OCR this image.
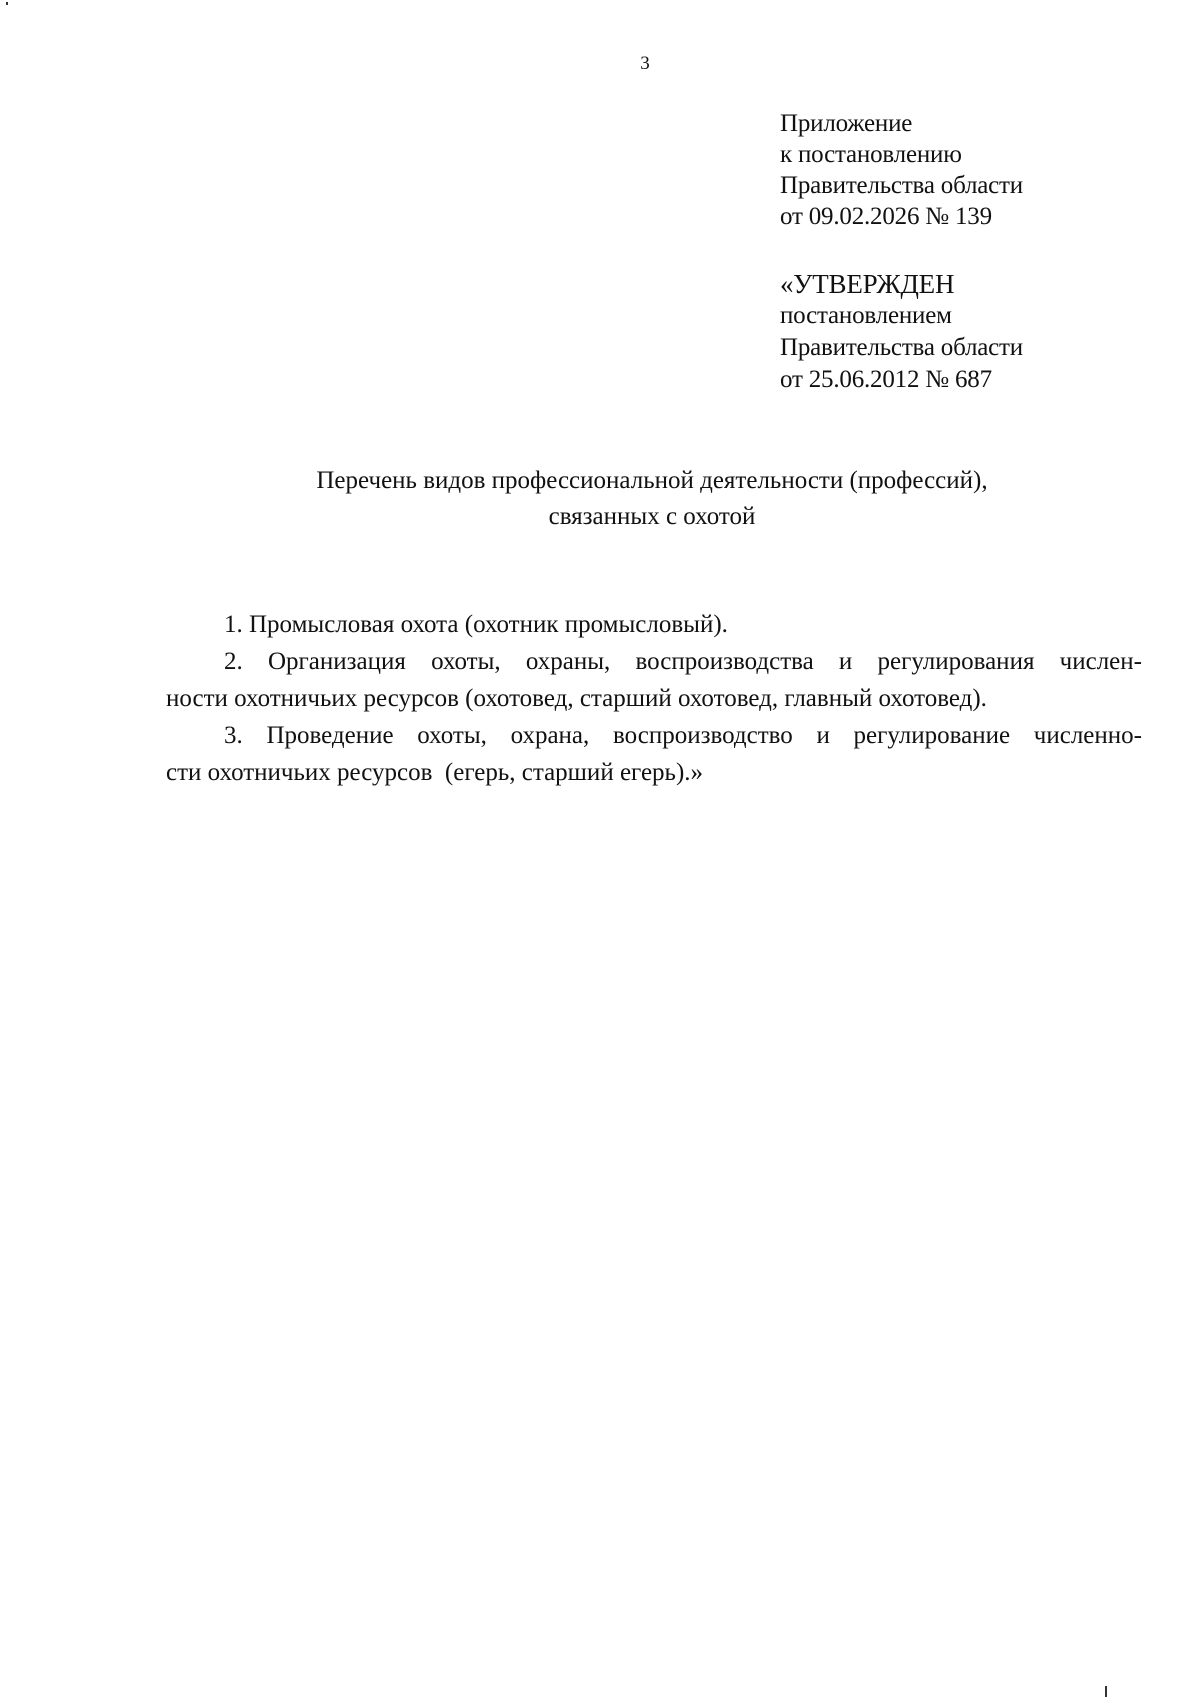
3
Приложение
к постановлению
Правительства области
от 09.02.2026 № 139
«УТВЕРЖДЕН
постановлением
Правительства области
от 25.06.2012 № 687
Перечень видов профессиональной деятельности (профессий),
связанных с охотой

1. Промысловая охота (охотник промысловый).

2. Организация охоты, охраны, воспроизводства и регулирования числен-

ности охотничьих ресурсов (охотовед, старший охотовед, главный охотовед).

3. Проведение охоты, охрана, воспроизводство и регулирование численно-

сти охотничьих ресурсов  (егерь, старший егерь).»
